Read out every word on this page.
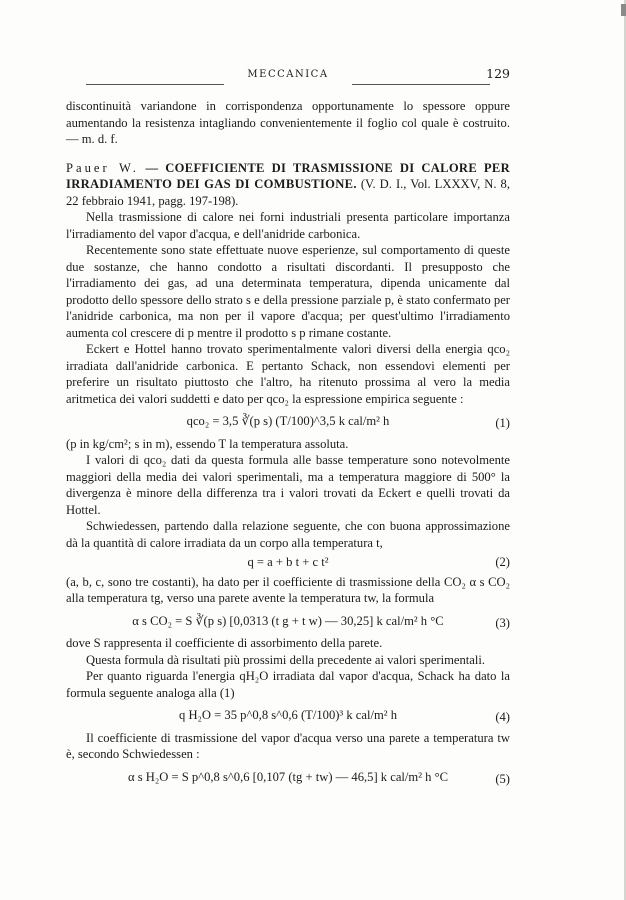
MECCANICA	129

discontinuità variandone in corrispondenza opportunamente lo spessore oppure aumentando la resistenza intagliando convenientemente il foglio col quale è costruito. — m. d. f.

Pauer W. — COEFFICIENTE DI TRASMISSIONE DI CALORE PER IRRADIAMENTO DEI GAS DI COMBUSTIONE. (V. D. I., Vol. LXXXV, N. 8, 22 febbraio 1941, pagg. 197-198).

Nella trasmissione di calore nei forni industriali presenta particolare importanza l'irradiamento del vapor d'acqua, e dell'anidride carbonica.

Recentemente sono state effettuate nuove esperienze, sul comportamento di queste due sostanze, che hanno condotto a risultati discordanti. Il presupposto che l'irradiamento dei gas, ad una determinata temperatura, dipenda unicamente dal prodotto dello spessore dello strato s e della pressione parziale p, è stato confermato per l'anidride carbonica, ma non per il vapore d'acqua; per quest'ultimo l'irradiamento aumenta col crescere di p mentre il prodotto s p rimane costante.

Eckert e Hottel hanno trovato sperimentalmente valori diversi della energia qco₂ irradiata dall'anidride carbonica. E pertanto Schack, non essendovi elementi per preferire un risultato piuttosto che l'altro, ha ritenuto prossima al vero la media aritmetica dei valori suddetti e dato per qco₂ la espressione empirica seguente :

qco₂ = 3,5 ∛(p s) (T/100)^3,5 k cal/m² h	(1)

(p in kg/cm²; s in m), essendo T la temperatura assoluta.

I valori di qco₂ dati da questa formula alle basse temperature sono notevolmente maggiori della media dei valori sperimentali, ma a temperatura maggiore di 500° la divergenza è minore della differenza tra i valori trovati da Eckert e quelli trovati da Hottel.

Schwiedessen, partendo dalla relazione seguente, che con buona approssimazione dà la quantità di calore irradiata da un corpo alla temperatura t,

q = a + b t + c t²	(2)

(a, b, c, sono tre costanti), ha dato per il coefficiente di trasmissione della CO₂ α s CO₂ alla temperatura tg, verso una parete avente la temperatura tw, la formula

α s CO₂ = S ∛(p s) [0,0313 (t g + t w) — 30,25] k cal/m² h °C	(3)

dove S rappresenta il coefficiente di assorbimento della parete.

Questa formula dà risultati più prossimi della precedente ai valori sperimentali.

Per quanto riguarda l'energia qH₂O irradiata dal vapor d'acqua, Schack ha dato la formula seguente analoga alla (1)

q H₂O = 35 p^0,8 s^0,6 (T/100)³ k cal/m² h	(4)

Il coefficiente di trasmissione del vapor d'acqua verso una parete a temperatura tw è, secondo Schwiedessen :

α s H₂O = S p^0,8 s^0,6 [0,107 (tg + tw) — 46,5] k cal/m² h °C	(5)
